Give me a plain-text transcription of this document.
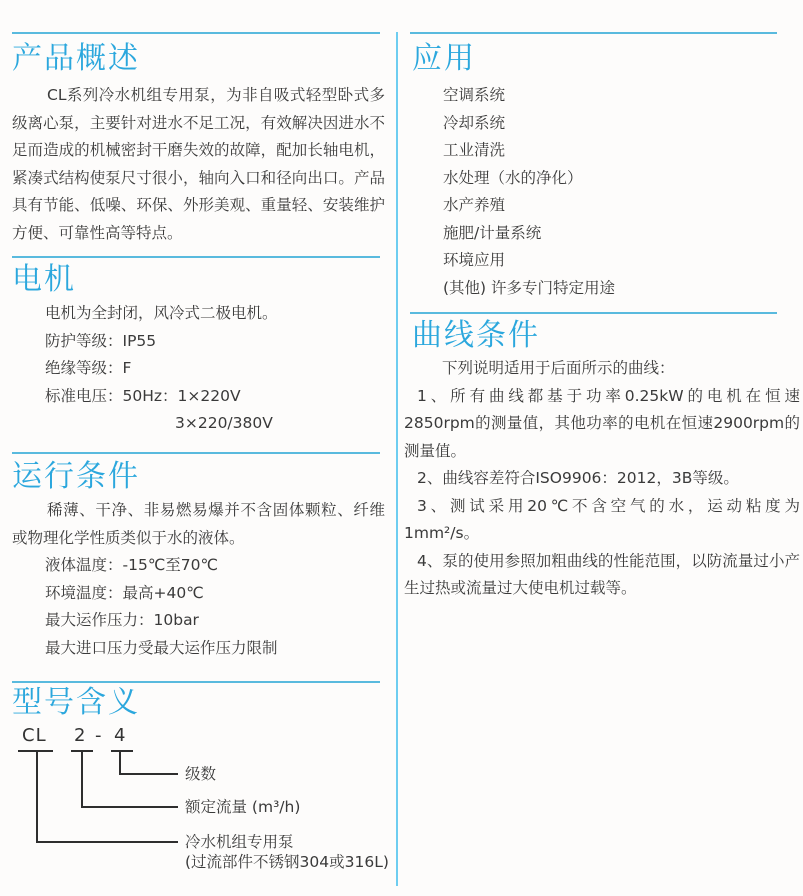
产品概述

CL系列冷水机组专用泵，为非自吸式轻型卧式多级离心泵，主要针对进水不足工况，有效解决因进水不足而造成的机械密封干磨失效的故障，配加长轴电机，紧凑式结构使泵尺寸很小，轴向入口和径向出口。产品具有节能、低噪、环保、外形美观、重量轻、安装维护方便、可靠性高等特点。

电机
电机为全封闭，风冷式二极电机。
防护等级：IP55
绝缘等级：F
标准电压：50Hz：1×220V
3×220/380V
运行条件

稀薄、干净、非易燃易爆并不含固体颗粒、纤维或物理化学性质类似于水的液体。

液体温度：-15℃至70℃
环境温度：最高+40℃
最大运作压力：10bar
最大进口压力受最大运作压力限制
型号含义
CL 2 - 4

级数

额定流量 (m³/h)

冷水机组专用泵

(过流部件不锈钢304或316L)

应用
空调系统
冷却系统
工业清洗
水处理（水的净化）
水产养殖
施肥/计量系统
环境应用
(其他) 许多专门特定用途
曲线条件

下列说明适用于后面所示的曲线：

1、所有曲线都基于功率0.25kW的电机在恒速2850rpm的测量值，其他功率的电机在恒速2900rpm的测量值。

2、曲线容差符合ISO9906：2012，3B等级。

3、测试采用20℃不含空气的水，运动粘度为1mm²/s。

4、泵的使用参照加粗曲线的性能范围，以防流量过小产生过热或流量过大使电机过载等。
